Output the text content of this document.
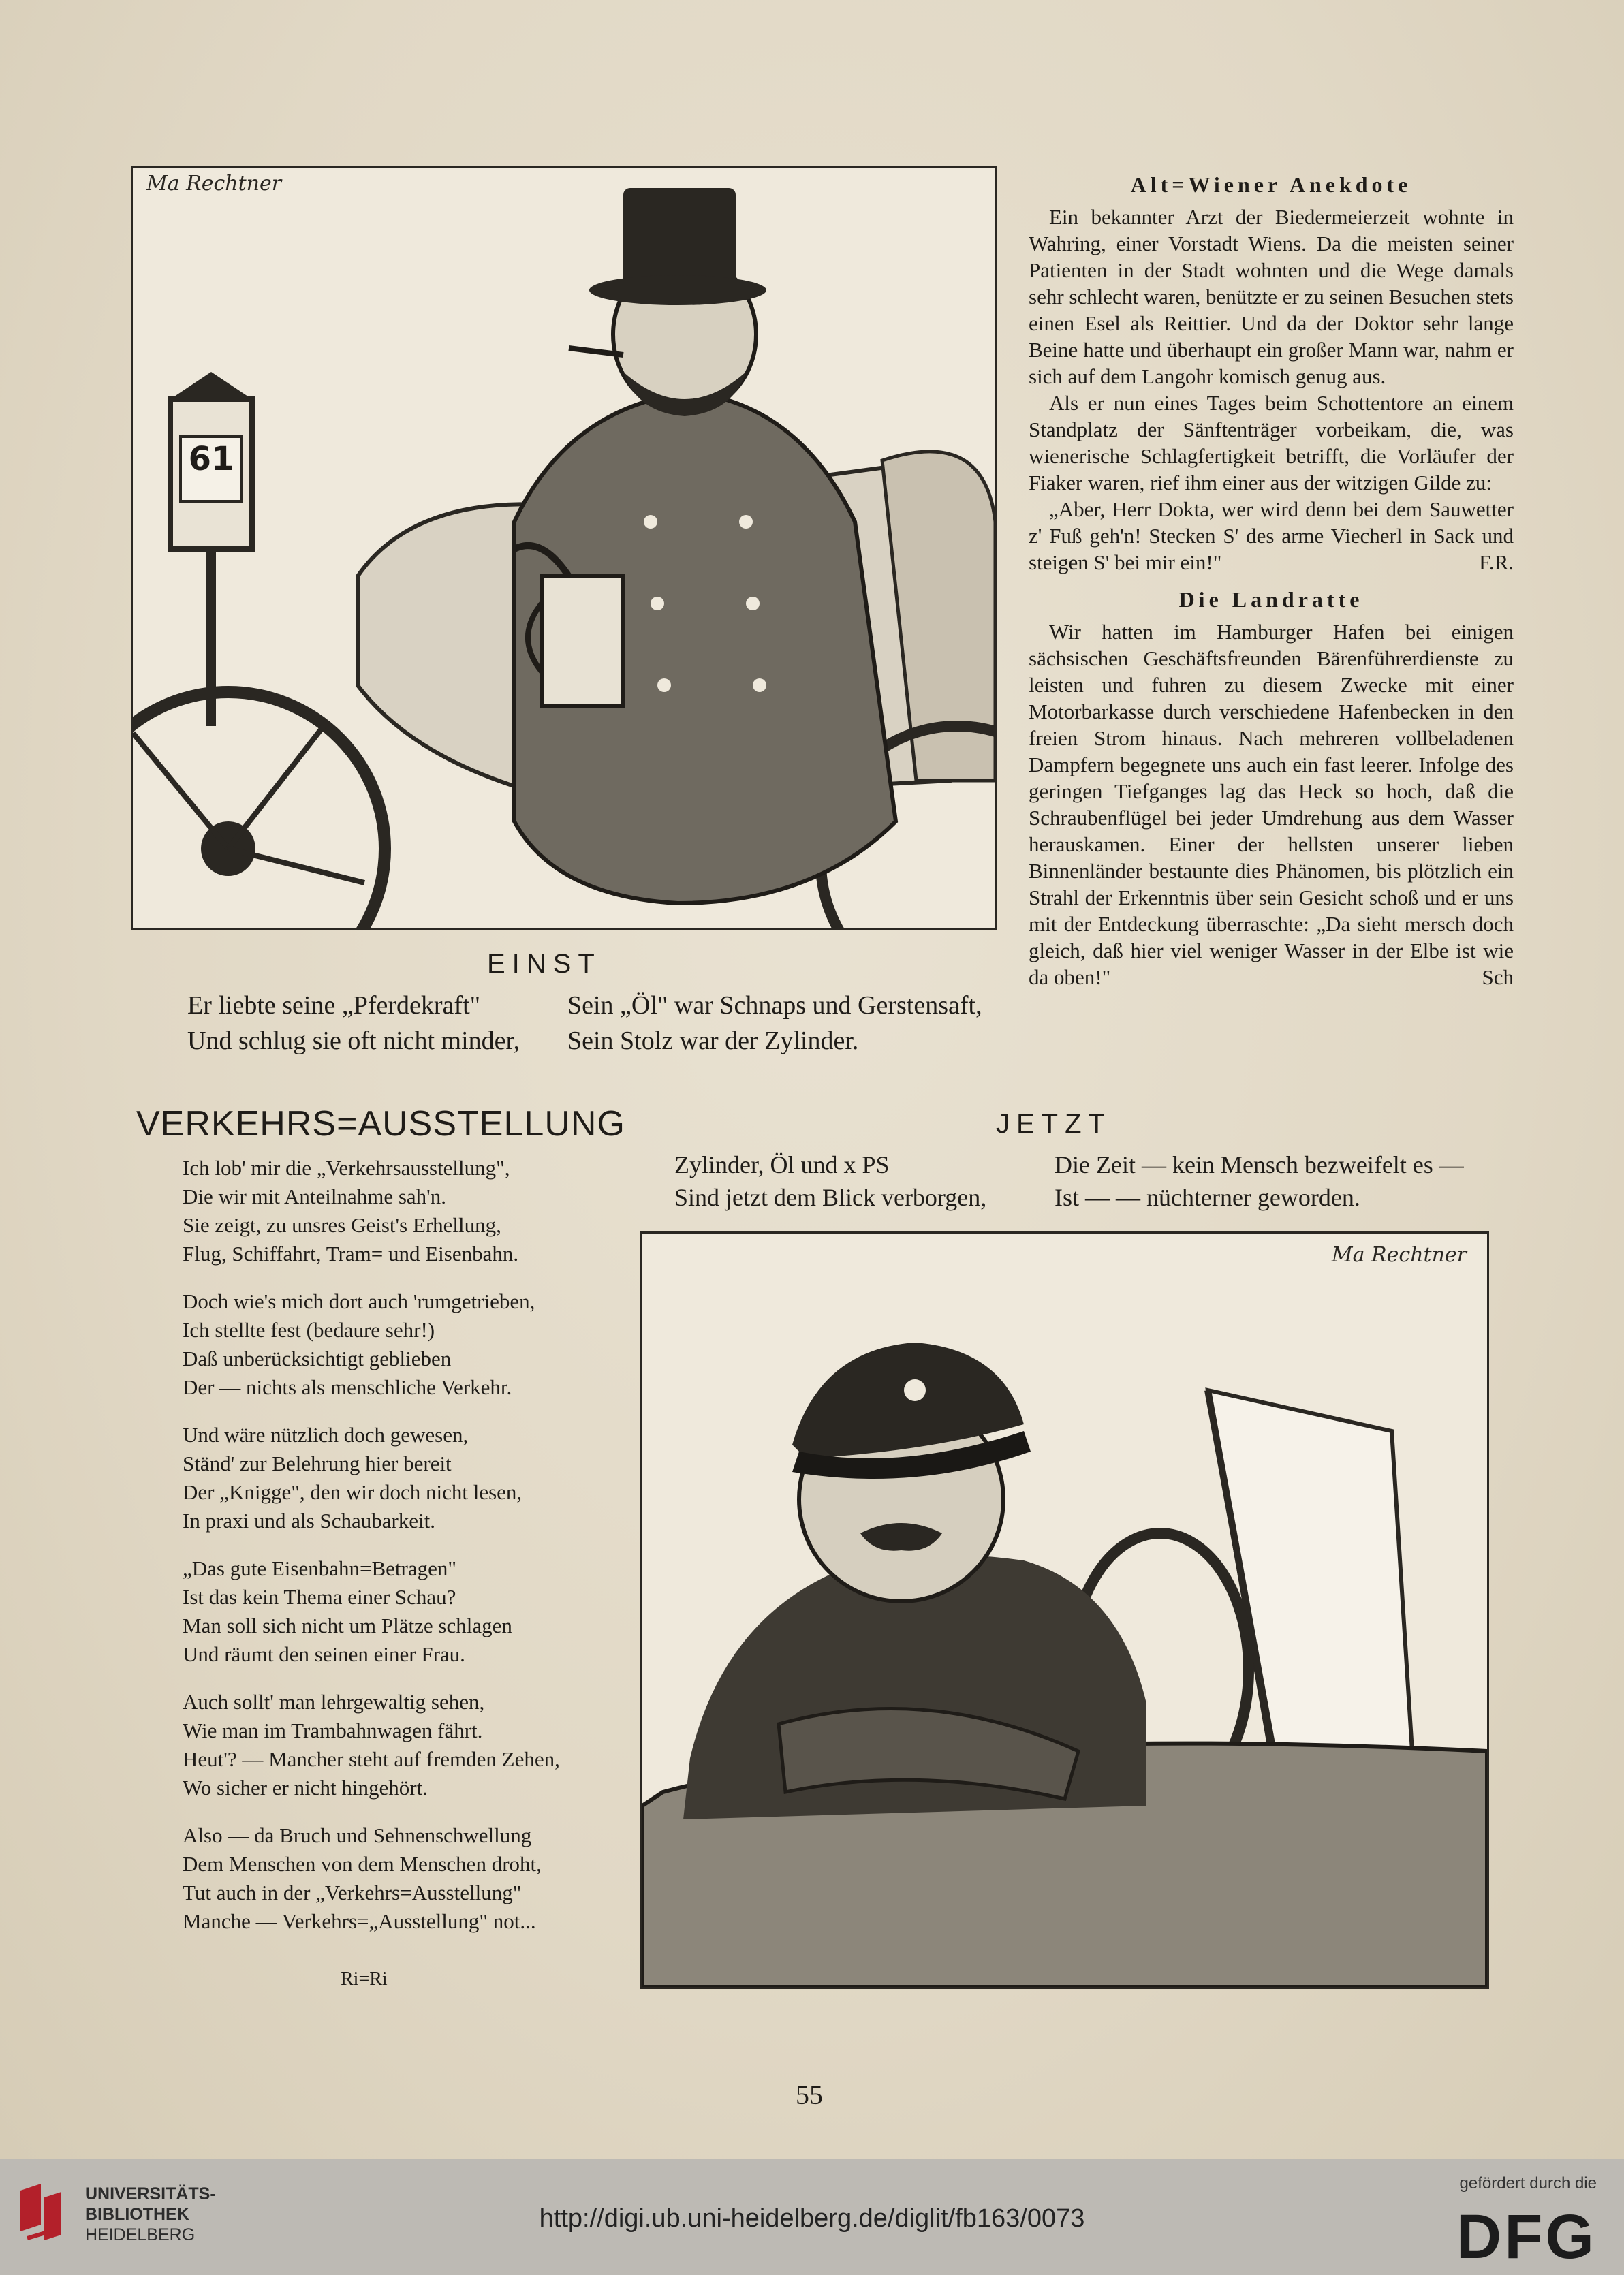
Ma Rechtner
61
Alt=Wiener Anekdote

Ein bekannter Arzt der Biedermeierzeit wohnte in Wahring, einer Vorstadt Wiens. Da die meisten seiner Patienten in der Stadt wohnten und die Wege damals sehr schlecht waren, benützte er zu seinen Besuchen stets einen Esel als Reittier. Und da der Doktor sehr lange Beine hatte und überhaupt ein großer Mann war, nahm er sich auf dem Langohr komisch genug aus.

Als er nun eines Tages beim Schottentore an einem Standplatz der Sänftenträger vorbeikam, die, was wienerische Schlagfertigkeit betrifft, die Vorläufer der Fiaker waren, rief ihm einer aus der witzigen Gilde zu:

„Aber, Herr Dokta, wer wird denn bei dem Sauwetter z' Fuß geh'n! Stecken S' des arme Viecherl in Sack und steigen S' bei mir ein!"	F.R.

Die Landratte

Wir hatten im Hamburger Hafen bei einigen sächsischen Geschäftsfreunden Bärenführerdienste zu leisten und fuhren zu diesem Zwecke mit einer Motorbarkasse durch verschiedene Hafenbecken in den freien Strom hinaus. Nach mehreren vollbeladenen Dampfern begegnete uns auch ein fast leerer. Infolge des geringen Tiefganges lag das Heck so hoch, daß die Schraubenflügel bei jeder Umdrehung aus dem Wasser herauskamen. Einer der hellsten unserer lieben Binnenländer bestaunte dies Phänomen, bis plötzlich ein Strahl der Erkenntnis über sein Gesicht schoß und er uns mit der Entdeckung überraschte: „Da sieht mersch doch gleich, daß hier viel weniger Wasser in der Elbe ist wie da oben!"	Sch

EINST
Er liebte seine „Pferdekraft"
Und schlug sie oft nicht minder,
Sein „Öl" war Schnaps und Gerstensaft,
Sein Stolz war der Zylinder.
VERKEHRS=AUSSTELLUNG
Ich lob' mir die „Verkehrsausstellung",
Die wir mit Anteilnahme sah'n.
Sie zeigt, zu unsres Geist's Erhellung,
Flug, Schiffahrt, Tram= und Eisenbahn.
Doch wie's mich dort auch 'rumgetrieben,
Ich stellte fest (bedaure sehr!)
Daß unberücksichtigt geblieben
Der — nichts als menschliche Verkehr.
Und wäre nützlich doch gewesen,
Ständ' zur Belehrung hier bereit
Der „Knigge", den wir doch nicht lesen,
In praxi und als Schaubarkeit.
„Das gute Eisenbahn=Betragen"
Ist das kein Thema einer Schau?
Man soll sich nicht um Plätze schlagen
Und räumt den seinen einer Frau.
Auch sollt' man lehrgewaltig sehen,
Wie man im Trambahnwagen fährt.
Heut'? — Mancher steht auf fremden Zehen,
Wo sicher er nicht hingehört.
Also — da Bruch und Sehnenschwellung
Dem Menschen von dem Menschen droht,
Tut auch in der „Verkehrs=Ausstellung"
Manche — Verkehrs=„Ausstellung" not...
Ri=Ri
JETZT
Zylinder, Öl und x PS
Sind jetzt dem Blick verborgen,
Die Zeit — kein Mensch bezweifelt es —
Ist — — nüchterner geworden.
Ma Rechtner
55
UNIVERSITÄTS-
BIBLIOTHEK
HEIDELBERG
http://digi.ub.uni-heidelberg.de/diglit/fb163/0073
gefördert durch die
DFG
